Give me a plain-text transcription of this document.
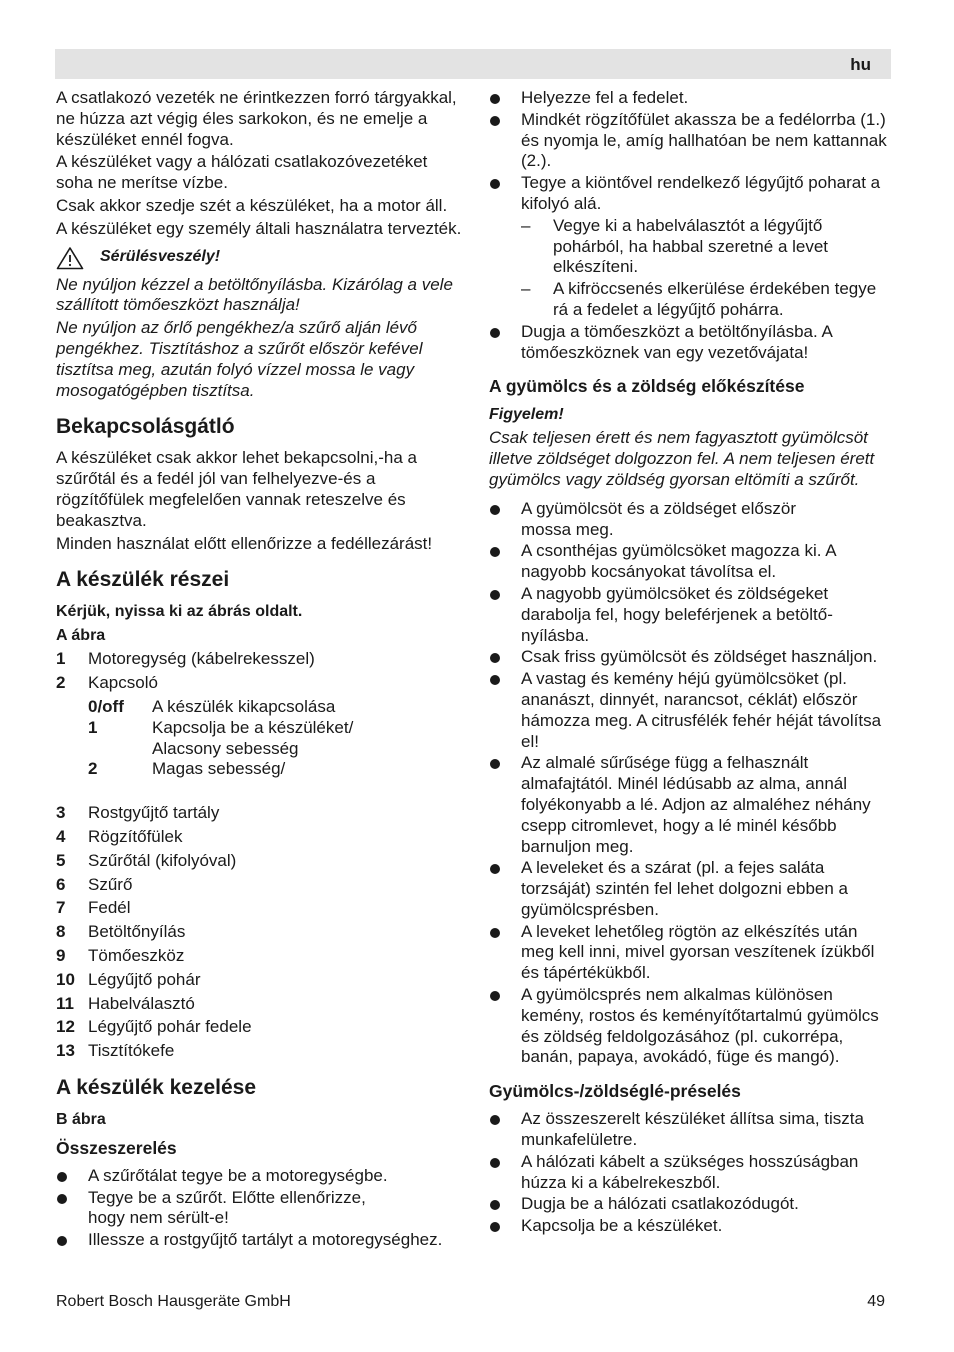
hu

A csatlakozó vezeték ne érintkezzen forró tárgyakkal, ne húzza azt végig éles sarkokon, és ne emelje a készüléket ennél fogva.

A készüléket vagy a hálózati csatlakozóvezetéket soha ne merítse vízbe.

Csak akkor szedje szét a készüléket, ha a motor áll.

A készüléket egy személy általi használatra tervezték.

Sérülésveszély!

Ne nyúljon kézzel a betöltőnyílásba. Kizárólag a vele szállított tömőeszközt használja!

Ne nyúljon az őrlő pengékhez/a szűrő alján lévő pengékhez. Tisztításhoz a szűrőt először kefével tisztítsa meg, azután folyó vízzel mossa le vagy mosogatógépben tisztítsa.

Bekapcsolásgátló

A készüléket csak akkor lehet bekapcsolni,-ha a szűrőtál és a fedél jól van felhelyezve-és a rögzítőfülek megfelelően vannak reteszelve és beakasztva.

Minden használat előtt ellenőrizze a fedéllezárást!

A készülék részei
Kérjük, nyissa ki az ábrás oldalt.
A ábra
1	Motoregység (kábelrekesszel)
2	Kapcsoló
0/off	A készülék kikapcsolása
1	Kapcsolja be a készüléket/ Alacsony sebesség
2	Magas sebesség/
3	Rostgyűjtő tartály
4	Rögzítőfülek
5	Szűrőtál (kifolyóval)
6	Szűrő
7	Fedél
8	Betöltőnyílás
9	Tömőeszköz
10 Légyűjtő pohár
11 Habelválasztó
12 Légyűjtő pohár fedele
13 Tisztítókefe
A készülék kezelése
B ábra
Összeszerelés
A szűrőtálat tegye be a motoregységbe.
Tegye be a szűrőt. Előtte ellenőrizze, hogy nem sérült-e!
Illessze a rostgyűjtő tartályt a motoregységhez.
Helyezze fel a fedelet.
Mindkét rögzítőfület akassza be a fedélorrba (1.) és nyomja le, amíg hallhatóan be nem kattannak (2.).
Tegye a kiöntővel rendelkező légyűjtő poharat a kifolyó alá.
– Vegye ki a habelválasztót a légyűjtő pohárból, ha habbal szeretné a levet elkészíteni.
– A kifröccsenés elkerülése érdekében tegye rá a fedelet a légyűjtő pohárra.
Dugja a tömőeszközt a betöltőnyílásba. A tömőeszköznek van egy vezetővájata!
A gyümölcs és a zöldség előkészítése
Figyelem!

Csak teljesen érett és nem fagyasztott gyümölcsöt illetve zöldséget dolgozzon fel. A nem teljesen érett gyümölcs vagy zöldség gyorsan eltömíti a szűrőt.

A gyümölcsöt és a zöldséget először mossa meg.
A csonthéjas gyümölcsöket magozza ki. A nagyobb kocsányokat távolítsa el.
A nagyobb gyümölcsöket és zöldségeket darabolja fel, hogy beleférjenek a betöltő-nyílásba.
Csak friss gyümölcsöt és zöldséget használjon.
A vastag és kemény héjú gyümölcsöket (pl. ananászt, dinnyét, narancsot, céklát) először hámozza meg. A citrusfélék fehér héját távolítsa el!
Az almalé sűrűsége függ a felhasznált almafajtától. Minél lédúsabb az alma, annál folyékonyabb a lé. Adjon az almaléhez néhány csepp citromlevet, hogy a lé minél később barnuljon meg.
A leveleket és a szárat (pl. a fejes saláta torzsáját) szintén fel lehet dolgozni ebben a gyümölcsprésben.
A leveket lehetőleg rögtön az elkészítés után meg kell inni, mivel gyorsan veszítenek ízükből és tápértékükből.
A gyümölcsprés nem alkalmas különösen kemény, rostos és keményítőtartalmú gyümölcs és zöldség feldolgozásához (pl. cukorrépa, banán, papaya, avokádó, füge és mangó).
Gyümölcs-/zöldséglé-préselés
Az összeszerelt készüléket állítsa sima, tiszta munkafelületre.
A hálózati kábelt a szükséges hosszúságban húzza ki a kábelrekeszből.
Dugja be a hálózati csatlakozódugót.
Kapcsolja be a készüléket.
Robert Bosch Hausgeräte GmbH	49
